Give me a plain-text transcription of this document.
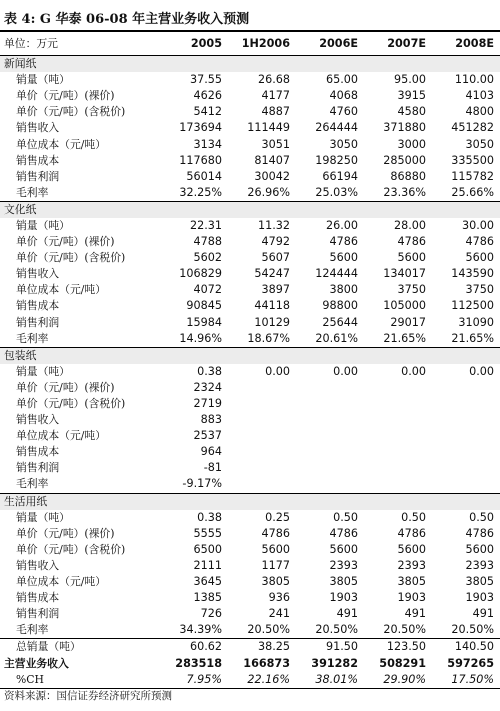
表 4: G 华泰 06-08 年主营业务收入预测
单位：万元	2005	1H2006	2006E	2007E	2008E
新闻纸					
销量（吨）	37.55	26.68	65.00	95.00	110.00
单价（元/吨）(裸价)	4626	4177	4068	3915	4103
单价（元/吨）(含税价)	5412	4887	4760	4580	4800
销售收入	173694	111449	264444	371880	451282
单位成本（元/吨）	3134	3051	3050	3000	3050
销售成本	117680	81407	198250	285000	335500
销售利润	56014	30042	66194	86880	115782
毛利率	32.25%	26.96%	25.03%	23.36%	25.66%
文化纸					
销量（吨）	22.31	11.32	26.00	28.00	30.00
单价（元/吨）(裸价)	4788	4792	4786	4786	4786
单价（元/吨）(含税价)	5602	5607	5600	5600	5600
销售收入	106829	54247	124444	134017	143590
单位成本（元/吨）	4072	3897	3800	3750	3750
销售成本	90845	44118	98800	105000	112500
销售利润	15984	10129	25644	29017	31090
毛利率	14.96%	18.67%	20.61%	21.65%	21.65%
包装纸					
销量（吨）	0.38	0.00	0.00	0.00	0.00
单价（元/吨）(裸价)	2324				
单价（元/吨）(含税价)	2719				
销售收入	883				
单位成本（元/吨）	2537				
销售成本	964				
销售利润	-81				
毛利率	-9.17%				
生活用纸					
销量（吨）	0.38	0.25	0.50	0.50	0.50
单价（元/吨）(裸价)	5555	4786	4786	4786	4786
单价（元/吨）(含税价)	6500	5600	5600	5600	5600
销售收入	2111	1177	2393	2393	2393
单位成本（元/吨）	3645	3805	3805	3805	3805
销售成本	1385	936	1903	1903	1903
销售利润	726	241	491	491	491
毛利率	34.39%	20.50%	20.50%	20.50%	20.50%
总销量（吨）	60.62	38.25	91.50	123.50	140.50
主营业务收入	283518	166873	391282	508291	597265
%CH	7.95%	22.16%	38.01%	29.90%	17.50%
资料来源：国信证券经济研究所预测
